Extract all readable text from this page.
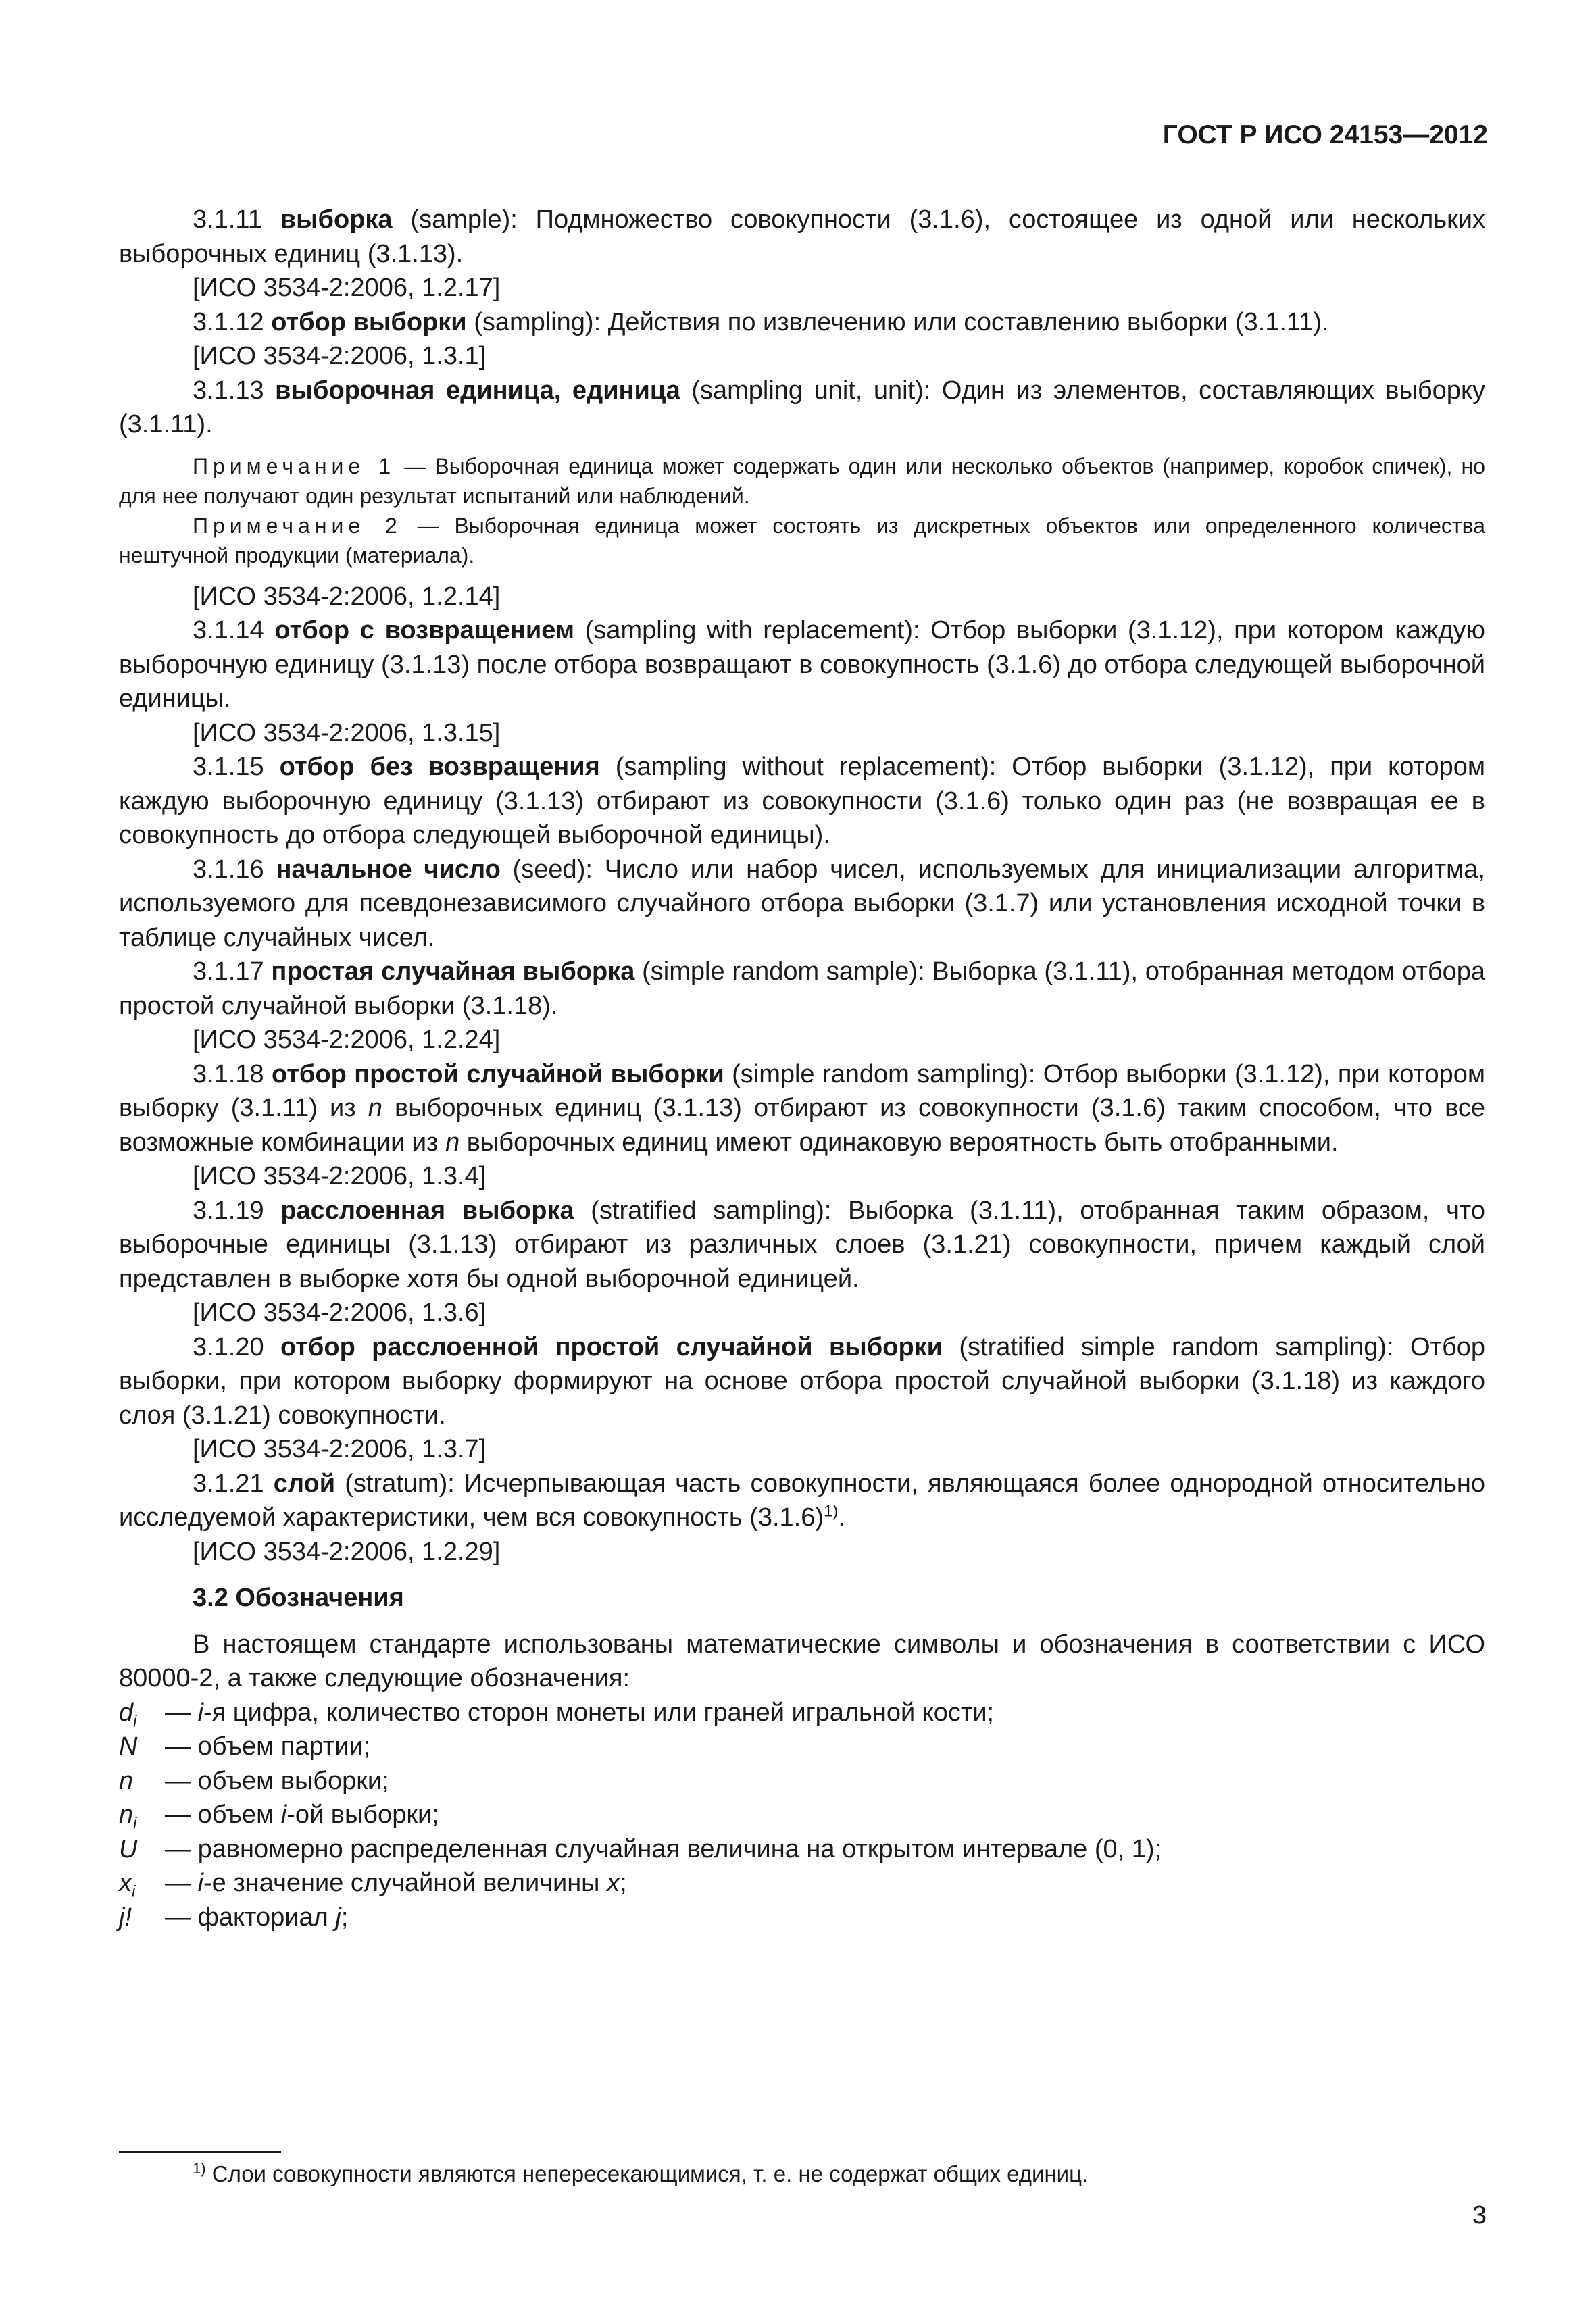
ГОСТ Р ИСО 24153—2012

3.1.11 выборка (sample): Подмножество совокупности (3.1.6), состоящее из одной или нескольких выборочных единиц (3.1.13).

[ИСО 3534-2:2006, 1.2.17]

3.1.12 отбор выборки (sampling): Действия по извлечению или составлению выборки (3.1.11).

[ИСО 3534-2:2006, 1.3.1]

3.1.13 выборочная единица, единица (sampling unit, unit): Один из элементов, составляющих выборку (3.1.11).

Примечание 1 — Выборочная единица может содержать один или несколько объектов (например, коробок спичек), но для нее получают один результат испытаний или наблюдений.

Примечание 2 — Выборочная единица может состоять из дискретных объектов или определенного количества нештучной продукции (материала).

[ИСО 3534-2:2006, 1.2.14]

3.1.14 отбор с возвращением (sampling with replacement): Отбор выборки (3.1.12), при котором каждую выборочную единицу (3.1.13) после отбора возвращают в совокупность (3.1.6) до отбора следующей выборочной единицы.

[ИСО 3534-2:2006, 1.3.15]

3.1.15 отбор без возвращения (sampling without replacement): Отбор выборки (3.1.12), при котором каждую выборочную единицу (3.1.13) отбирают из совокупности (3.1.6) только один раз (не возвращая ее в совокупность до отбора следующей выборочной единицы).

3.1.16 начальное число (seed): Число или набор чисел, используемых для инициализации алгоритма, используемого для псевдонезависимого случайного отбора выборки (3.1.7) или установления исходной точки в таблице случайных чисел.

3.1.17 простая случайная выборка (simple random sample): Выборка (3.1.11), отобранная методом отбора простой случайной выборки (3.1.18).

[ИСО 3534-2:2006, 1.2.24]

3.1.18 отбор простой случайной выборки (simple random sampling): Отбор выборки (3.1.12), при котором выборку (3.1.11) из n выборочных единиц (3.1.13) отбирают из совокупности (3.1.6) таким способом, что все возможные комбинации из n выборочных единиц имеют одинаковую вероятность быть отобранными.

[ИСО 3534-2:2006, 1.3.4]

3.1.19 расслоенная выборка (stratified sampling): Выборка (3.1.11), отобранная таким образом, что выборочные единицы (3.1.13) отбирают из различных слоев (3.1.21) совокупности, причем каждый слой представлен в выборке хотя бы одной выборочной единицей.

[ИСО 3534-2:2006, 1.3.6]

3.1.20 отбор расслоенной простой случайной выборки (stratified simple random sampling): Отбор выборки, при котором выборку формируют на основе отбора простой случайной выборки (3.1.18) из каждого слоя (3.1.21) совокупности.

[ИСО 3534-2:2006, 1.3.7]

3.1.21 слой (stratum): Исчерпывающая часть совокупности, являющаяся более однородной относительно исследуемой характеристики, чем вся совокупность $(3.1.6)^{1)}$.

[ИСО 3534-2:2006, 1.2.29]

3.2 Обозначения

В настоящем стандарте использованы математические символы и обозначения в соответствии с ИСО 80000-2, а также следующие обозначения:

$d_i$	— i-я цифра, количество сторон монеты или граней игральной кости;
N	— объем партии;
n	— объем выборки;
$n_i$	— объем i-ой выборки;
U	— равномерно распределенная случайная величина на открытом интервале (0, 1);
$x_i$	— i-е значение случайной величины x;
j!	— факториал j;
$^{1)}$ Слои совокупности являются непересекающимися, т. е. не содержат общих единиц.
3
